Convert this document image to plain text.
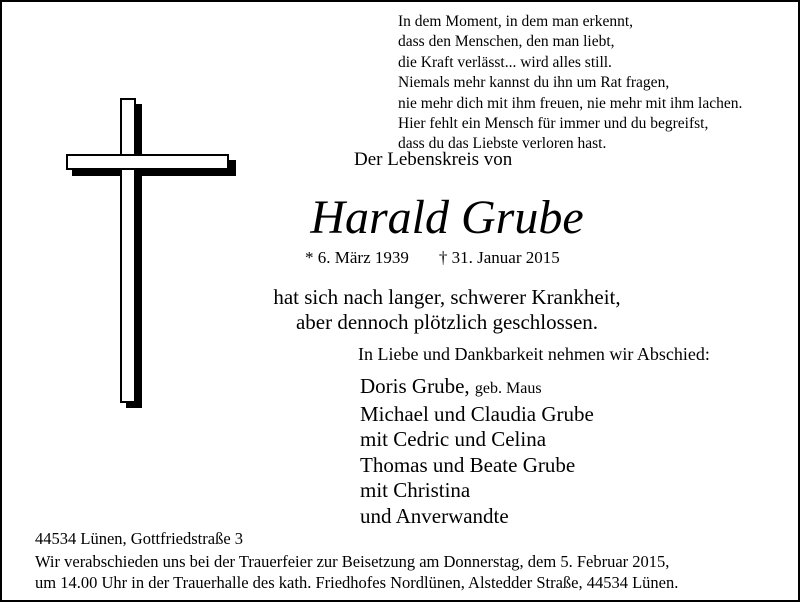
In dem Moment, in dem man erkennt,
dass den Menschen, den man liebt,
die Kraft verlässt... wird alles still.
Niemals mehr kannst du ihn um Rat fragen,
nie mehr dich mit ihm freuen, nie mehr mit ihm lachen.
Hier fehlt ein Mensch für immer und du begreifst,
dass du das Liebste verloren hast.
Der Lebenskreis von
Harald Grube
* 6. März 1939 † 31. Januar 2015
hat sich nach langer, schwerer Krankheit,
aber dennoch plötzlich geschlossen.
In Liebe und Dankbarkeit nehmen wir Abschied:
Doris Grube, geb. Maus
Michael und Claudia Grube
mit Cedric und Celina
Thomas und Beate Grube
mit Christina
und Anverwandte
44534 Lünen, Gottfriedstraße 3
Wir verabschieden uns bei der Trauerfeier zur Beisetzung am Donnerstag, dem 5. Februar 2015,
um 14.00 Uhr in der Trauerhalle des kath. Friedhofes Nordlünen, Alstedder Straße, 44534 Lünen.
